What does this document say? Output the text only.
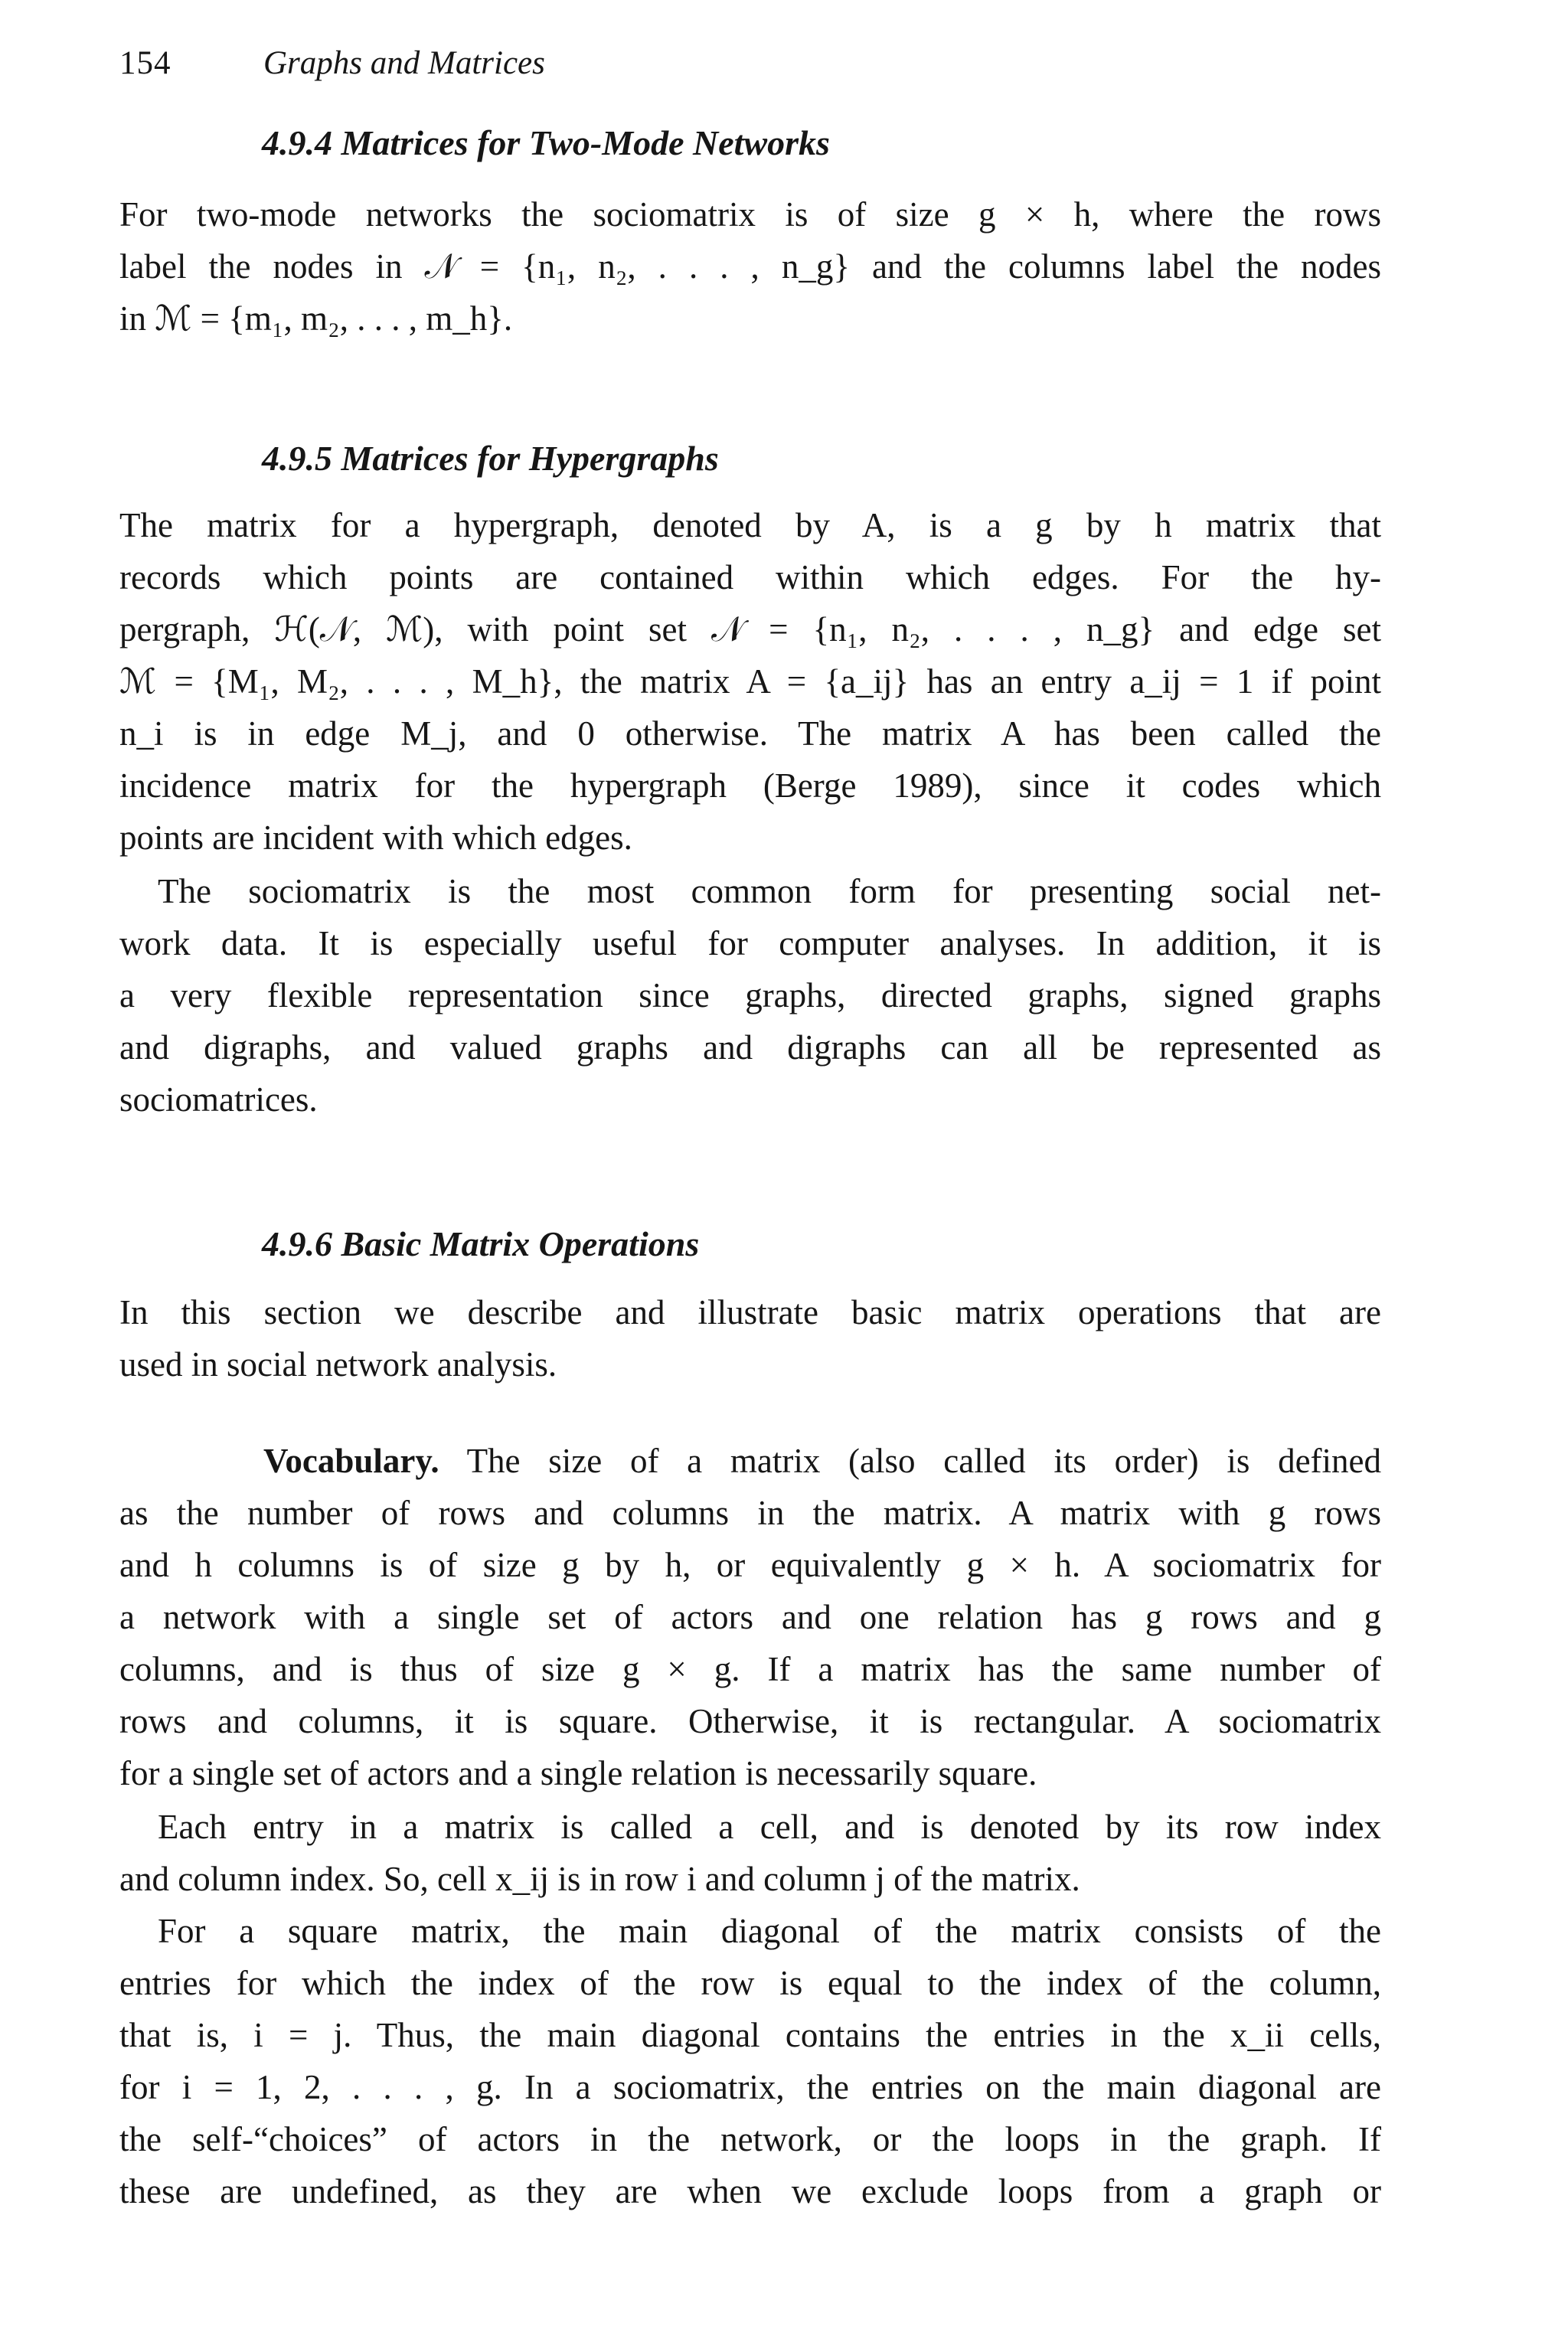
154	Graphs and Matrices
4.9.4 Matrices for Two-Mode Networks
For two-mode networks the sociomatrix is of size g × h, where the rows
label the nodes in 𝒩 = {n₁, n₂, . . . , n_g} and the columns label the nodes
in ℳ = {m₁, m₂, . . . , m_h}.
4.9.5 Matrices for Hypergraphs
The matrix for a hypergraph, denoted by A, is a g by h matrix that
records which points are contained within which edges. For the hy-
pergraph, ℋ(𝒩, ℳ), with point set 𝒩 = {n₁, n₂, . . . , n_g} and edge set
ℳ = {M₁, M₂, . . . , M_h}, the matrix A = {a_ij} has an entry a_ij = 1 if point
n_i is in edge M_j, and 0 otherwise. The matrix A has been called the
incidence matrix for the hypergraph (Berge 1989), since it codes which
points are incident with which edges.
The sociomatrix is the most common form for presenting social net-
work data. It is especially useful for computer analyses. In addition, it is
a very flexible representation since graphs, directed graphs, signed graphs
and digraphs, and valued graphs and digraphs can all be represented as
sociomatrices.
4.9.6 Basic Matrix Operations
In this section we describe and illustrate basic matrix operations that are
used in social network analysis.
Vocabulary. The size of a matrix (also called its order) is defined
as the number of rows and columns in the matrix. A matrix with g rows
and h columns is of size g by h, or equivalently g × h. A sociomatrix for
a network with a single set of actors and one relation has g rows and g
columns, and is thus of size g × g. If a matrix has the same number of
rows and columns, it is square. Otherwise, it is rectangular. A sociomatrix
for a single set of actors and a single relation is necessarily square.
Each entry in a matrix is called a cell, and is denoted by its row index
and column index. So, cell x_ij is in row i and column j of the matrix.
For a square matrix, the main diagonal of the matrix consists of the
entries for which the index of the row is equal to the index of the column,
that is, i = j. Thus, the main diagonal contains the entries in the x_ii cells,
for i = 1, 2, . . . , g. In a sociomatrix, the entries on the main diagonal are
the self-“choices” of actors in the network, or the loops in the graph. If
these are undefined, as they are when we exclude loops from a graph or
